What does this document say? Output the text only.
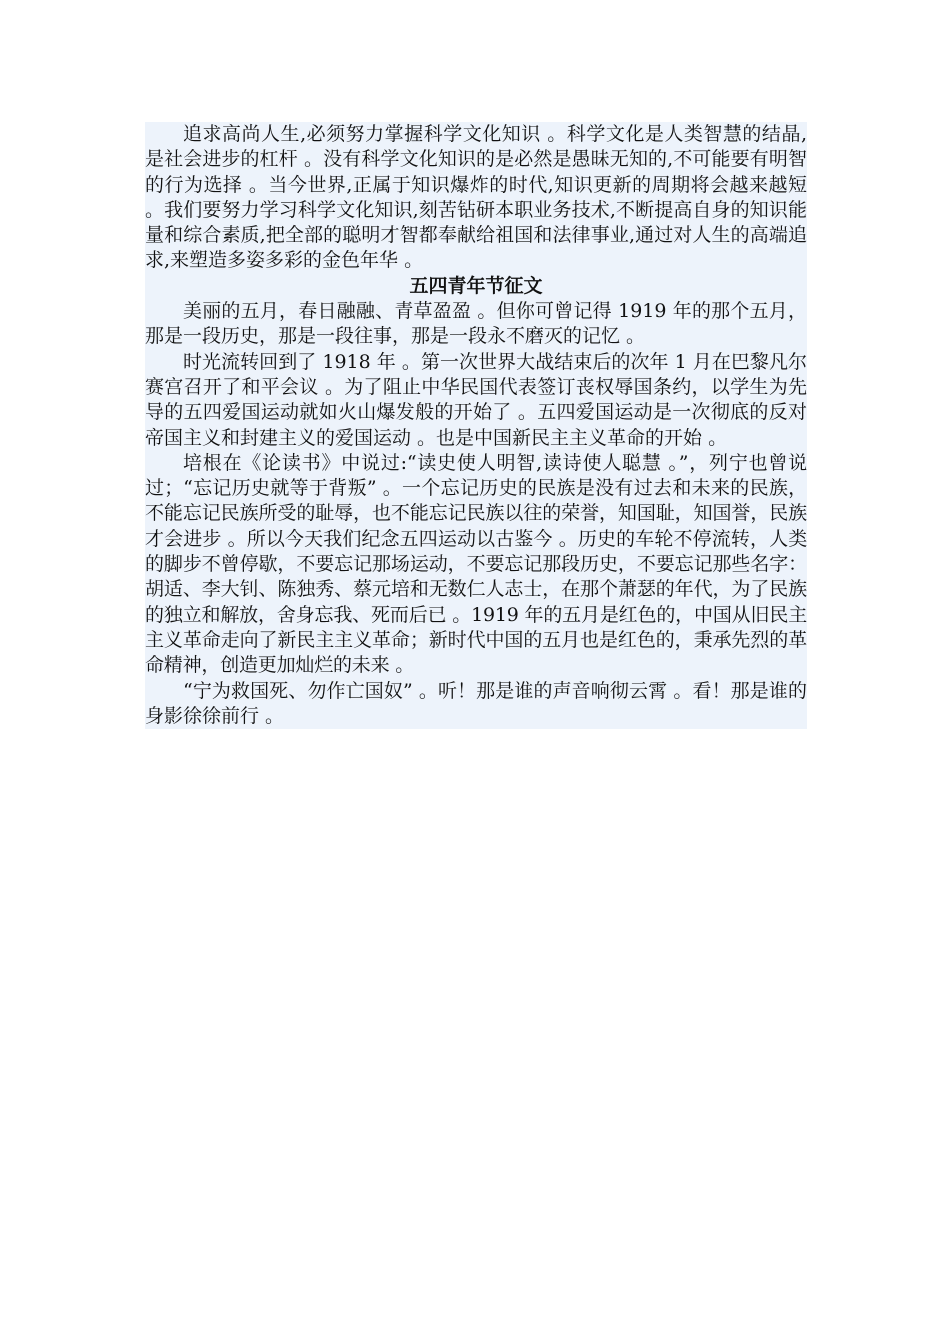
追求高尚人生,必须努力掌握科学文化知识 。科学文化是人类智慧的结晶,是社会进步的杠杆 。没有科学文化知识的是必然是愚昧无知的,不可能要有明智的行为选择 。当今世界,正属于知识爆炸的时代,知识更新的周期将会越来越短 。我们要努力学习科学文化知识,刻苦钻研本职业务技术,不断提高自身的知识能量和综合素质,把全部的聪明才智都奉献给祖国和法律事业,通过对人生的高端追求,来塑造多姿多彩的金色年华 。

五四青年节征文

美丽的五月，春日融融、青草盈盈 。但你可曾记得 1919 年的那个五月，那是一段历史，那是一段往事，那是一段永不磨灭的记忆 。

时光流转回到了 1918 年 。第一次世界大战结束后的次年 1 月在巴黎凡尔赛宫召开了和平会议 。为了阻止中华民国代表签订丧权辱国条约，以学生为先导的五四爱国运动就如火山爆发般的开始了 。五四爱国运动是一次彻底的反对帝国主义和封建主义的爱国运动 。也是中国新民主主义革命的开始 。

培根在《论读书》中说过:“读史使人明智,读诗使人聪慧 。”，列宁也曾说过；“忘记历史就等于背叛” 。一个忘记历史的民族是没有过去和未来的民族，不能忘记民族所受的耻辱，也不能忘记民族以往的荣誉，知国耻，知国誉，民族才会进步 。所以今天我们纪念五四运动以古鉴今 。历史的车轮不停流转，人类的脚步不曾停歇，不要忘记那场运动，不要忘记那段历史，不要忘记那些名字：胡适、李大钊、陈独秀、蔡元培和无数仁人志士，在那个萧瑟的年代，为了民族的独立和解放，舍身忘我、死而后已 。1919 年的五月是红色的，中国从旧民主主义革命走向了新民主主义革命；新时代中国的五月也是红色的，秉承先烈的革命精神，创造更加灿烂的未来 。

“宁为救国死、勿作亡国奴” 。听！那是谁的声音响彻云霄 。看！那是谁的身影徐徐前行 。
